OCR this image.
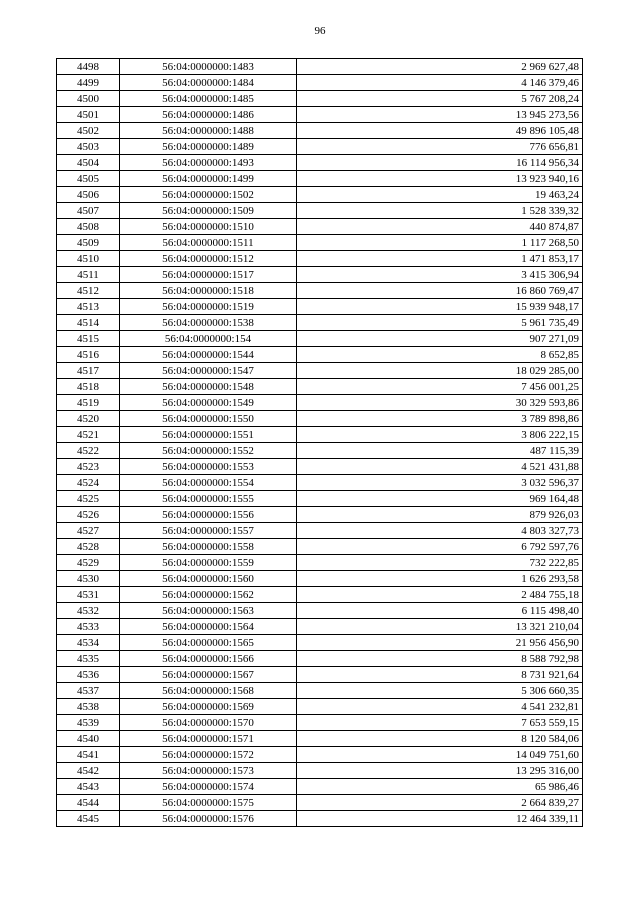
96
4498	56:04:0000000:1483	2 969 627,48
4499	56:04:0000000:1484	4 146 379,46
4500	56:04:0000000:1485	5 767 208,24
4501	56:04:0000000:1486	13 945 273,56
4502	56:04:0000000:1488	49 896 105,48
4503	56:04:0000000:1489	776 656,81
4504	56:04:0000000:1493	16 114 956,34
4505	56:04:0000000:1499	13 923 940,16
4506	56:04:0000000:1502	19 463,24
4507	56:04:0000000:1509	1 528 339,32
4508	56:04:0000000:1510	440 874,87
4509	56:04:0000000:1511	1 117 268,50
4510	56:04:0000000:1512	1 471 853,17
4511	56:04:0000000:1517	3 415 306,94
4512	56:04:0000000:1518	16 860 769,47
4513	56:04:0000000:1519	15 939 948,17
4514	56:04:0000000:1538	5 961 735,49
4515	56:04:0000000:154	907 271,09
4516	56:04:0000000:1544	8 652,85
4517	56:04:0000000:1547	18 029 285,00
4518	56:04:0000000:1548	7 456 001,25
4519	56:04:0000000:1549	30 329 593,86
4520	56:04:0000000:1550	3 789 898,86
4521	56:04:0000000:1551	3 806 222,15
4522	56:04:0000000:1552	487 115,39
4523	56:04:0000000:1553	4 521 431,88
4524	56:04:0000000:1554	3 032 596,37
4525	56:04:0000000:1555	969 164,48
4526	56:04:0000000:1556	879 926,03
4527	56:04:0000000:1557	4 803 327,73
4528	56:04:0000000:1558	6 792 597,76
4529	56:04:0000000:1559	732 222,85
4530	56:04:0000000:1560	1 626 293,58
4531	56:04:0000000:1562	2 484 755,18
4532	56:04:0000000:1563	6 115 498,40
4533	56:04:0000000:1564	13 321 210,04
4534	56:04:0000000:1565	21 956 456,90
4535	56:04:0000000:1566	8 588 792,98
4536	56:04:0000000:1567	8 731 921,64
4537	56:04:0000000:1568	5 306 660,35
4538	56:04:0000000:1569	4 541 232,81
4539	56:04:0000000:1570	7 653 559,15
4540	56:04:0000000:1571	8 120 584,06
4541	56:04:0000000:1572	14 049 751,60
4542	56:04:0000000:1573	13 295 316,00
4543	56:04:0000000:1574	65 986,46
4544	56:04:0000000:1575	2 664 839,27
4545	56:04:0000000:1576	12 464 339,11
